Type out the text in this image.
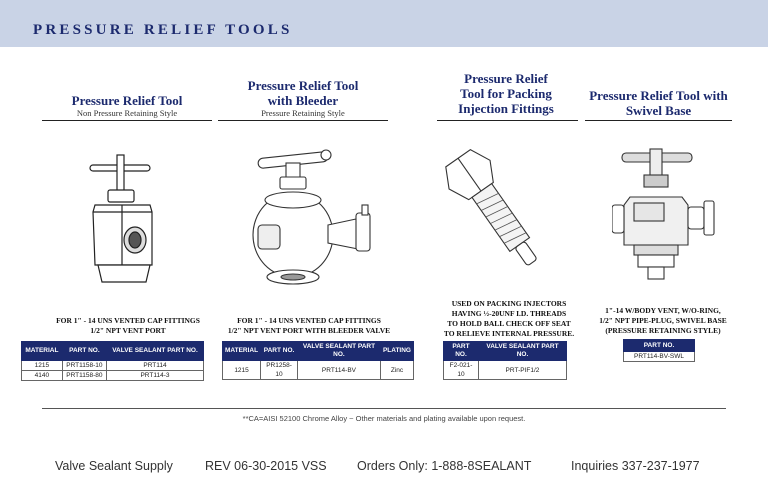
PRESSURE RELIEF TOOLS
Pressure Relief Tool
Non Pressure Retaining Style
FOR 1" - 14 UNS VENTED CAP FITTINGS
1/2" NPT VENT PORT
MATERIAL	PART NO.	VALVE SEALANT PART NO.
1215	PRT1158-10	PRT114
4140	PRT1158-80	PRT114-3
Pressure Relief Tool with Bleeder
Pressure Retaining Style
FOR 1" - 14 UNS VENTED CAP FITTINGS
1/2" NPT VENT PORT WITH BLEEDER VALVE
MATERIAL	PART NO.	VALVE SEALANT PART NO.	PLATING
1215	PR1258-10	PRT114-BV	Zinc
Pressure Relief Tool for Packing Injection Fittings
USED ON PACKING INJECTORS
HAVING ½-20UNF I.D. THREADS
TO HOLD BALL CHECK OFF SEAT
TO RELIEVE INTERNAL PRESSURE.
PART NO.	VALVE SEALANT PART NO.
F2-021-10	PRT-PIF1/2
Pressure Relief Tool with Swivel Base
1"-14 W/BODY VENT, W/O-RING,
1/2" NPT PIPE-PLUG, SWIVEL BASE
(PRESSURE RETAINING STYLE)
PART NO.
PRT114-BV-SWL
**CA=AISI 52100 Chrome Alloy ~ Other materials and plating available upon request.
Valve Sealant Supply	REV 06-30-2015 VSS Orders Only: 1-888-8SEALANT	Inquiries 337-237-1977
